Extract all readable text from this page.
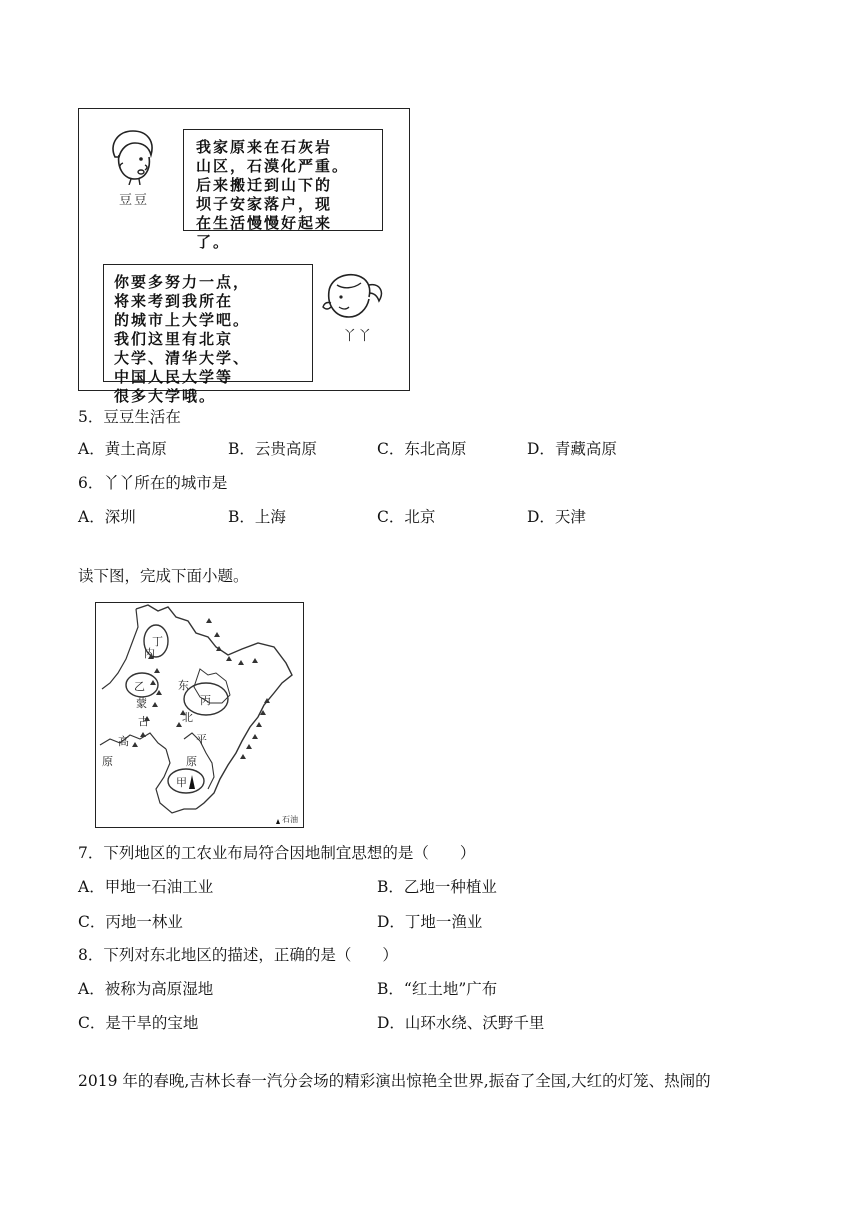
豆豆
我家原来在石灰岩
山区，石漠化严重。
后来搬迁到山下的
坝子安家落户，现
在生活慢慢好起来
了。
你要多努力一点，
将来考到我所在
的城市上大学吧。
我们这里有北京
大学、清华大学、
中国人民大学等
很多大学哦。
丫丫
5．豆豆生活在
A．黄土高原	B．云贵高原	C．东北高原	D．青藏高原
6．丫丫所在的城市是
A．深圳	B．上海	C．北京	D．天津
读下图，完成下面小题。
内
丁
乙
蒙
古
高
原
东
丙
北
平
原
甲
石油
7．下列地区的工农业布局符合因地制宜思想的是（　　）
A．甲地一石油工业	B．乙地一种植业
C．丙地一林业	D．丁地一渔业
8．下列对东北地区的描述，正确的是（　　）
A．被称为高原湿地	B．“红土地”广布
C．是干旱的宝地	D．山环水绕、沃野千里
2019 年的春晚,吉林长春一汽分会场的精彩演出惊艳全世界,振奋了全国,大红的灯笼、热闹的
